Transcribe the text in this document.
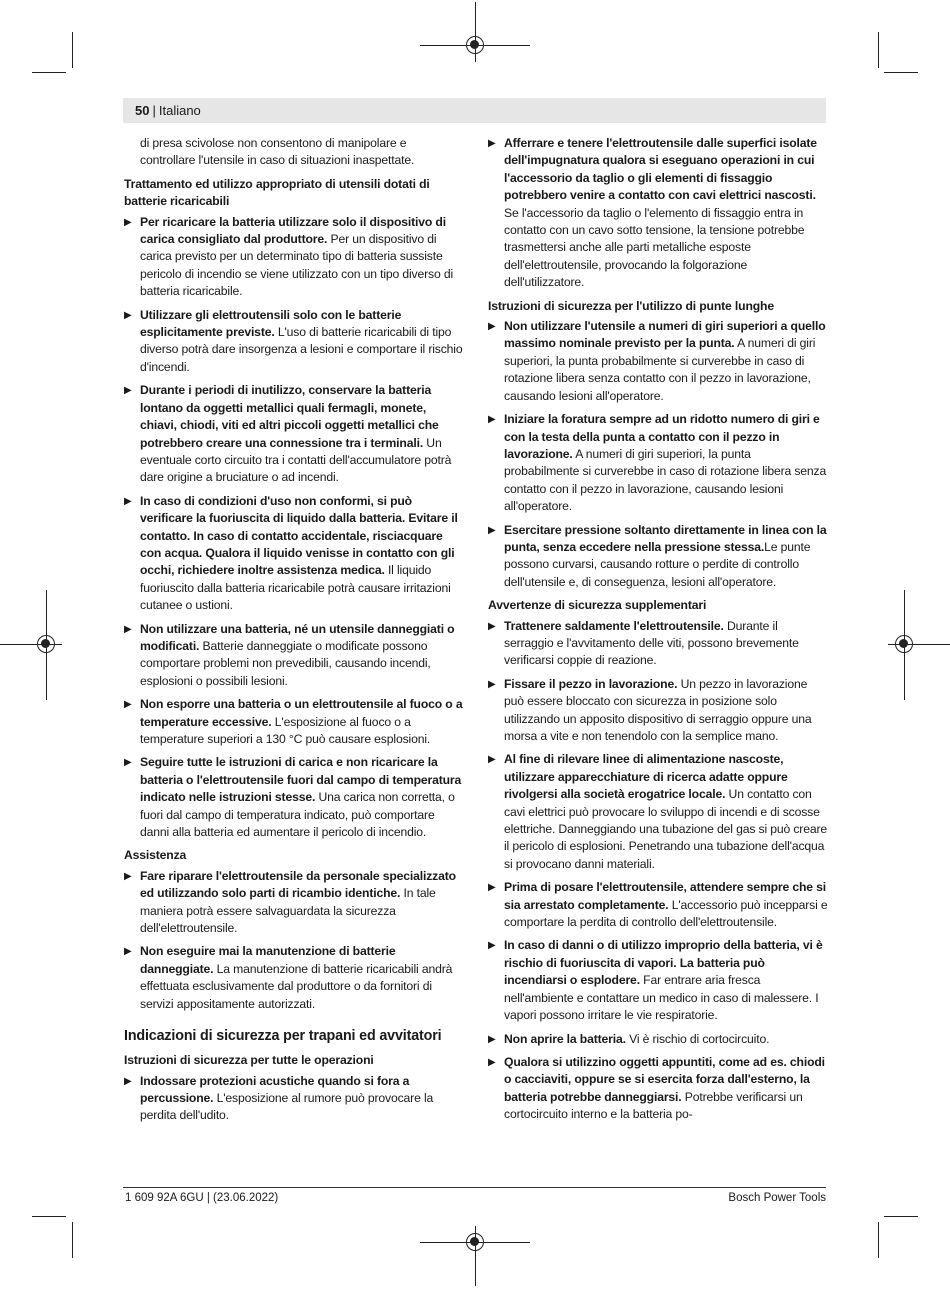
50 | Italiano
di presa scivolose non consentono di manipolare e controllare l'utensile in caso di situazioni inaspettate.
Trattamento ed utilizzo appropriato di utensili dotati di batterie ricaricabili
▶ Per ricaricare la batteria utilizzare solo il dispositivo di carica consigliato dal produttore. Per un dispositivo di carica previsto per un determinato tipo di batteria sussiste pericolo di incendio se viene utilizzato con un tipo diverso di batteria ricaricabile.
▶ Utilizzare gli elettroutensili solo con le batterie esplicitamente previste. L'uso di batterie ricaricabili di tipo diverso potrà dare insorgenza a lesioni e comportare il rischio d'incendi.
▶ Durante i periodi di inutilizzo, conservare la batteria lontano da oggetti metallici quali fermagli, monete, chiavi, chiodi, viti ed altri piccoli oggetti metallici che potrebbero creare una connessione tra i terminali. Un eventuale corto circuito tra i contatti dell'accumulatore potrà dare origine a bruciature o ad incendi.
▶ In caso di condizioni d'uso non conformi, si può verificare la fuoriuscita di liquido dalla batteria. Evitare il contatto. In caso di contatto accidentale, risciacquare con acqua. Qualora il liquido venisse in contatto con gli occhi, richiedere inoltre assistenza medica. Il liquido fuoriuscito dalla batteria ricaricabile potrà causare irritazioni cutanee o ustioni.
▶ Non utilizzare una batteria, né un utensile danneggiati o modificati. Batterie danneggiate o modificate possono comportare problemi non prevedibili, causando incendi, esplosioni o possibili lesioni.
▶ Non esporre una batteria o un elettroutensile al fuoco o a temperature eccessive. L'esposizione al fuoco o a temperature superiori a 130 °C può causare esplosioni.
▶ Seguire tutte le istruzioni di carica e non ricaricare la batteria o l'elettroutensile fuori dal campo di temperatura indicato nelle istruzioni stesse. Una carica non corretta, o fuori dal campo di temperatura indicato, può comportare danni alla batteria ed aumentare il pericolo di incendio.
Assistenza
▶ Fare riparare l'elettroutensile da personale specializzato ed utilizzando solo parti di ricambio identiche. In tale maniera potrà essere salvaguardata la sicurezza dell'elettroutensile.
▶ Non eseguire mai la manutenzione di batterie danneggiate. La manutenzione di batterie ricaricabili andrà effettuata esclusivamente dal produttore o da fornitori di servizi appositamente autorizzati.
Indicazioni di sicurezza per trapani ed avvitatori
Istruzioni di sicurezza per tutte le operazioni
▶ Indossare protezioni acustiche quando si fora a percussione. L'esposizione al rumore può provocare la perdita dell'udito.
▶ Afferrare e tenere l'elettroutensile dalle superfici isolate dell'impugnatura qualora si eseguano operazioni in cui l'accessorio da taglio o gli elementi di fissaggio potrebbero venire a contatto con cavi elettrici nascosti. Se l'accessorio da taglio o l'elemento di fissaggio entra in contatto con un cavo sotto tensione, la tensione potrebbe trasmettersi anche alle parti metalliche esposte dell'elettroutensile, provocando la folgorazione dell'utilizzatore.
Istruzioni di sicurezza per l'utilizzo di punte lunghe
▶ Non utilizzare l'utensile a numeri di giri superiori a quello massimo nominale previsto per la punta. A numeri di giri superiori, la punta probabilmente si curverebbe in caso di rotazione libera senza contatto con il pezzo in lavorazione, causando lesioni all'operatore.
▶ Iniziare la foratura sempre ad un ridotto numero di giri e con la testa della punta a contatto con il pezzo in lavorazione. A numeri di giri superiori, la punta probabilmente si curverebbe in caso di rotazione libera senza contatto con il pezzo in lavorazione, causando lesioni all'operatore.
▶ Esercitare pressione soltanto direttamente in linea con la punta, senza eccedere nella pressione stessa.Le punte possono curvarsi, causando rotture o perdite di controllo dell'utensile e, di conseguenza, lesioni all'operatore.
Avvertenze di sicurezza supplementari
▶ Trattenere saldamente l'elettroutensile. Durante il serraggio e l'avvitamento delle viti, possono brevemente verificarsi coppie di reazione.
▶ Fissare il pezzo in lavorazione. Un pezzo in lavorazione può essere bloccato con sicurezza in posizione solo utilizzando un apposito dispositivo di serraggio oppure una morsa a vite e non tenendolo con la semplice mano.
▶ Al fine di rilevare linee di alimentazione nascoste, utilizzare apparecchiature di ricerca adatte oppure rivolgersi alla società erogatrice locale. Un contatto con cavi elettrici può provocare lo sviluppo di incendi e di scosse elettriche. Danneggiando una tubazione del gas si può creare il pericolo di esplosioni. Penetrando una tubazione dell'acqua si provocano danni materiali.
▶ Prima di posare l'elettroutensile, attendere sempre che si sia arrestato completamente. L'accessorio può incepparsi e comportare la perdita di controllo dell'elettroutensile.
▶ In caso di danni o di utilizzo improprio della batteria, vi è rischio di fuoriuscita di vapori. La batteria può incendiarsi o esplodere. Far entrare aria fresca nell'ambiente e contattare un medico in caso di malessere. I vapori possono irritare le vie respiratorie.
▶ Non aprire la batteria. Vi è rischio di cortocircuito.
▶ Qualora si utilizzino oggetti appuntiti, come ad es. chiodi o cacciaviti, oppure se si esercita forza dall'esterno, la batteria potrebbe danneggiarsi. Potrebbe verificarsi un cortocircuito interno e la batteria po-
1 609 92A 6GU | (23.06.2022)	Bosch Power Tools
